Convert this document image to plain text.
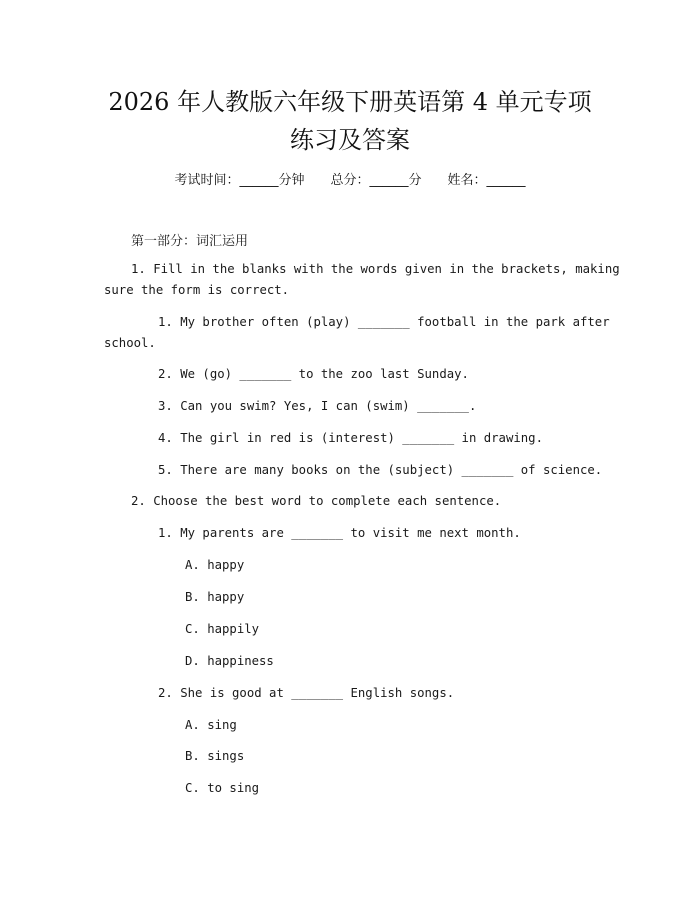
2026 年人教版六年级下册英语第 4 单元专项
练习及答案
考试时间：______分钟 总分：______分 姓名：______
第一部分：词汇运用
1. Fill in the blanks with the words given in the brackets, making
sure the form is correct.
1. My brother often (play) _______ football in the park after
school.
2. We (go) _______ to the zoo last Sunday.
3. Can you swim? Yes, I can (swim) _______.
4. The girl in red is (interest) _______ in drawing.
5. There are many books on the (subject) _______ of science.
2. Choose the best word to complete each sentence.
1. My parents are _______ to visit me next month.
A. happy
B. happy
C. happily
D. happiness
2. She is good at _______ English songs.
A. sing
B. sings
C. to sing
